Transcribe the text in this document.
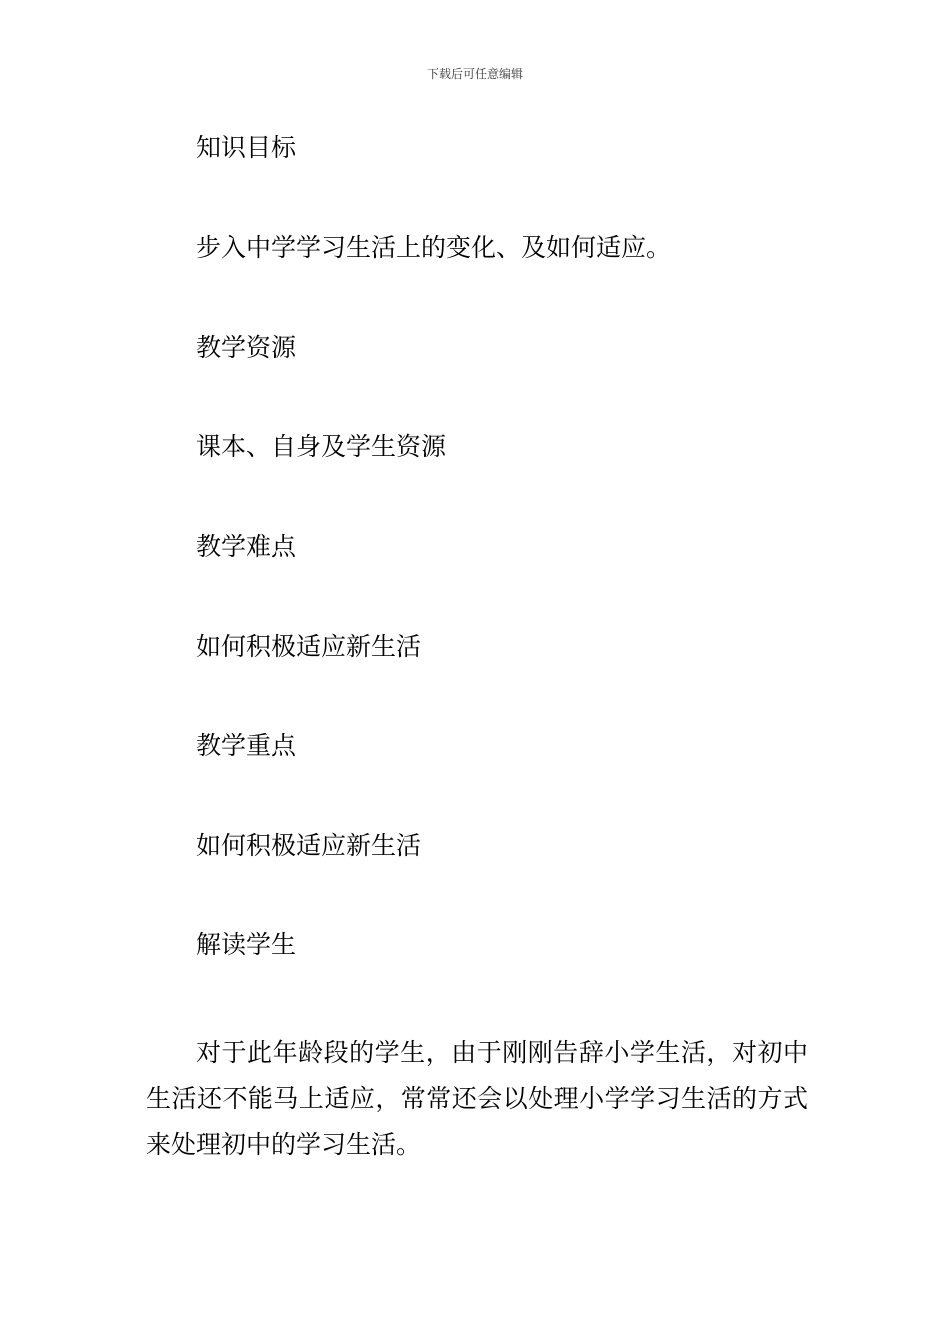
下载后可任意编辑
知识目标
步入中学学习生活上的变化、及如何适应。
教学资源
课本、自身及学生资源
教学难点
如何积极适应新生活
教学重点
如何积极适应新生活
解读学生
对于此年龄段的学生，由于刚刚告辞小学生活，对初中生活还不能马上适应，常常还会以处理小学学习生活的方式来处理初中的学习生活。
